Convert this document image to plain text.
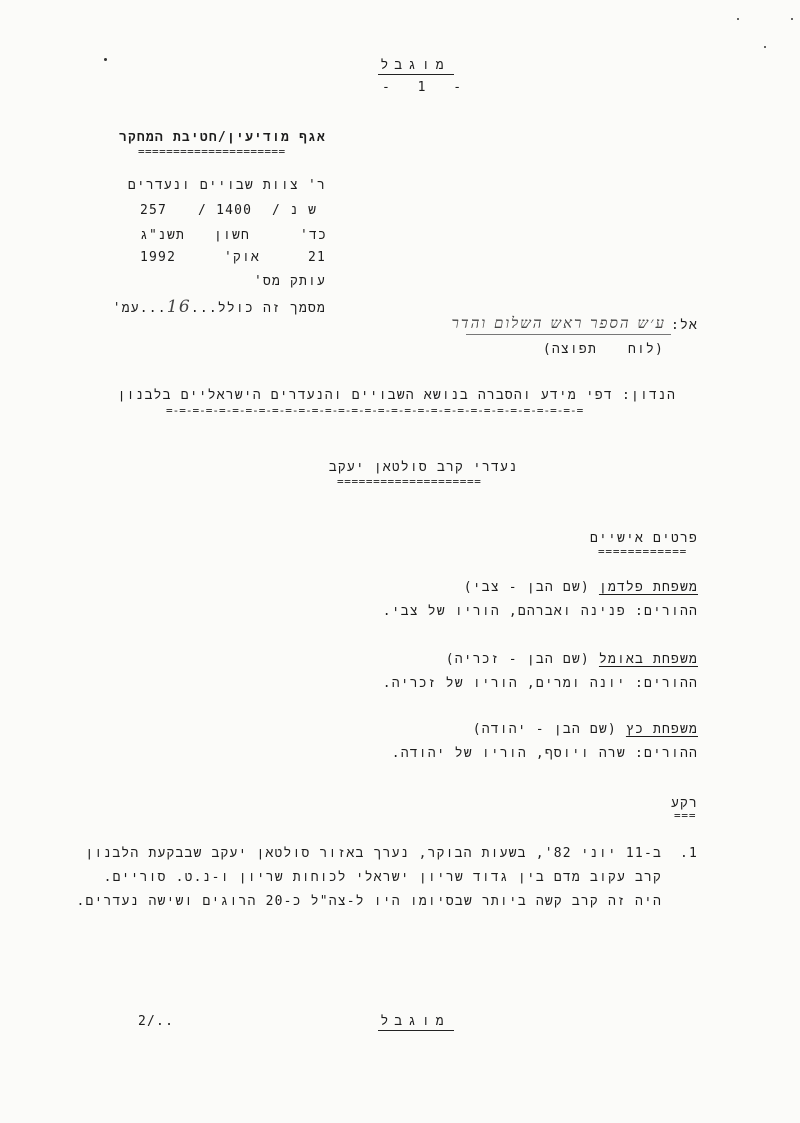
מוגבל
- 1 -
אגף מודיעין/חטיבת המחקר
=====================
ר' צוות שבויים ונעדרים
257 1400 / ש נ /
תשנ"ג חשון	כד'
1992	אוק'	21
עותק מס'
מסמך זה כולל...16...עמ'
אל:
ע׳ש הספר ראש השלום והדר
(לוח תפוצה)
הנדון: דפי מידע והסברה בנושא השבויים והנעדרים הישראליים בלבנון
=-=-=-=-=-=-=-=-=-=-=-=-=-=-=-=-=-=-=-=-=-=-=-=-=-=-=-=-=-=-=-=
נעדרי קרב סולטאן יעקב
====================
פרטים אישיים
============
משפחת פלדמן (שם הבן - צבי)
ההורים: פנינה ואברהם, הוריו של צבי.
משפחת באומל (שם הבן - זכריה)
ההורים: יונה ומרים, הוריו של זכריה.
משפחת כץ (שם הבן - יהודה)
ההורים: שרה ויוסף, הוריו של יהודה.
רקע
===
.1
ב-11 יוני 82', בשעות הבוקר, נערך באזור סולטאן יעקב שבבקעת הלבנון
קרב עקוב מדם בין גדוד שריון ישראלי לכוחות שריון ו-נ.ט. סוריים.
היה זה קרב קשה ביותר שבסיומו היו ל-צה"ל כ-20 הרוגים ושישה נעדרים.
2/..	מוגבל
